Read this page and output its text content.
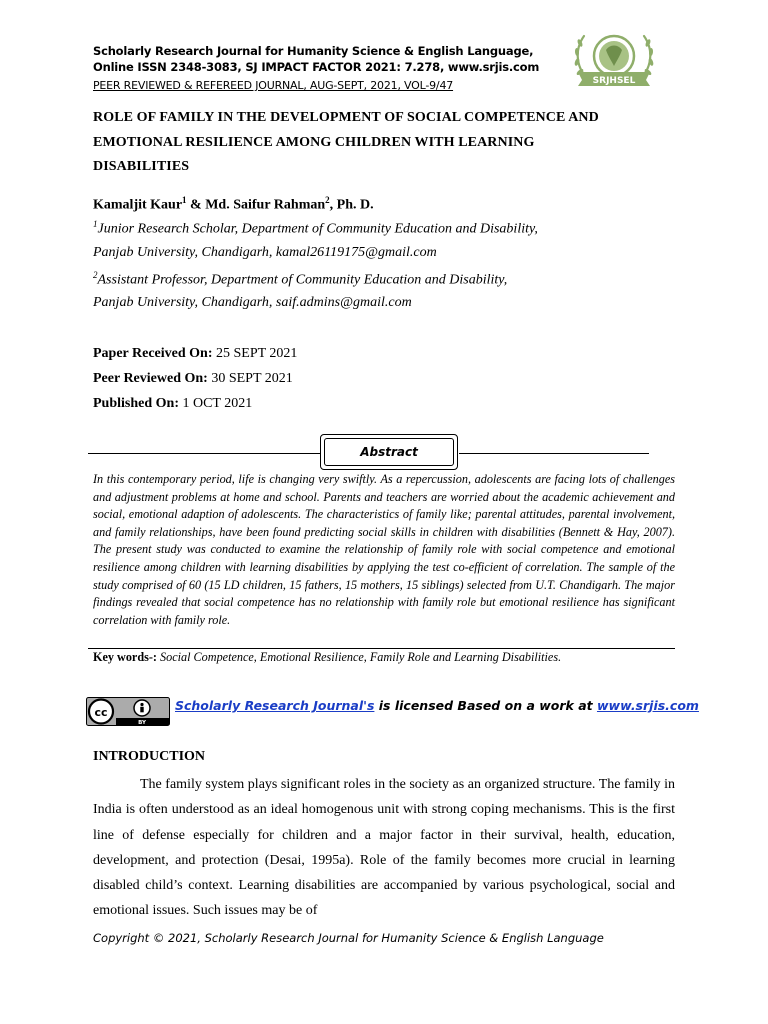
Scholarly Research Journal for Humanity Science & English Language,
Online ISSN 2348-3083, SJ IMPACT FACTOR 2021: 7.278, www.srjis.com
PEER REVIEWED & REFEREED JOURNAL, AUG-SEPT, 2021, VOL-9/47	SRJHSEL
ROLE OF FAMILY IN THE DEVELOPMENT OF SOCIAL COMPETENCE AND
EMOTIONAL RESILIENCE AMONG CHILDREN WITH LEARNING
DISABILITIES
Kamaljit Kaur$^1$ & Md. Saifur Rahman$^2$, Ph. D.
$^1$Junior Research Scholar, Department of Community Education and Disability,
Panjab University, Chandigarh, kamal26119175@gmail.com
$^2$Assistant Professor, Department of Community Education and Disability,
Panjab University, Chandigarh, saif.admins@gmail.com
Paper Received On: 25 SEPT 2021
Peer Reviewed On: 30 SEPT 2021
Published On: 1 OCT 2021
Abstract
In this contemporary period, life is changing very swiftly. As a repercussion, adolescents are facing lots of challenges and adjustment problems at home and school. Parents and teachers are worried about the academic achievement and social, emotional adaption of adolescents. The characteristics of family like; parental attitudes, parental involvement, and family relationships, have been found predicting social skills in children with disabilities (Bennett & Hay, 2007). The present study was conducted to examine the relationship of family role with social competence and emotional resilience among children with learning disabilities by applying the test co-efficient of correlation. The sample of the study comprised of 60 (15 LD children, 15 fathers, 15 mothers, 15 siblings) selected from U.T. Chandigarh. The major findings revealed that social competence has no relationship with family role but emotional resilience has significant correlation with family role.
Key words-: Social Competence, Emotional Resilience, Family Role and Learning Disabilities.
cc
BY
Scholarly Research Journal's is licensed Based on a work at www.srjis.com
INTRODUCTION

The family system plays significant roles in the society as an organized structure. The family in India is often understood as an ideal homogenous unit with strong coping mechanisms. This is the first line of defense especially for children and a major factor in their survival, health, education, development, and protection (Desai, 1995a). Role of the family becomes more crucial in learning disabled child’s context. Learning disabilities are accompanied by various psychological, social and emotional issues. Such issues may be of

Copyright © 2021, Scholarly Research Journal for Humanity Science & English Language
